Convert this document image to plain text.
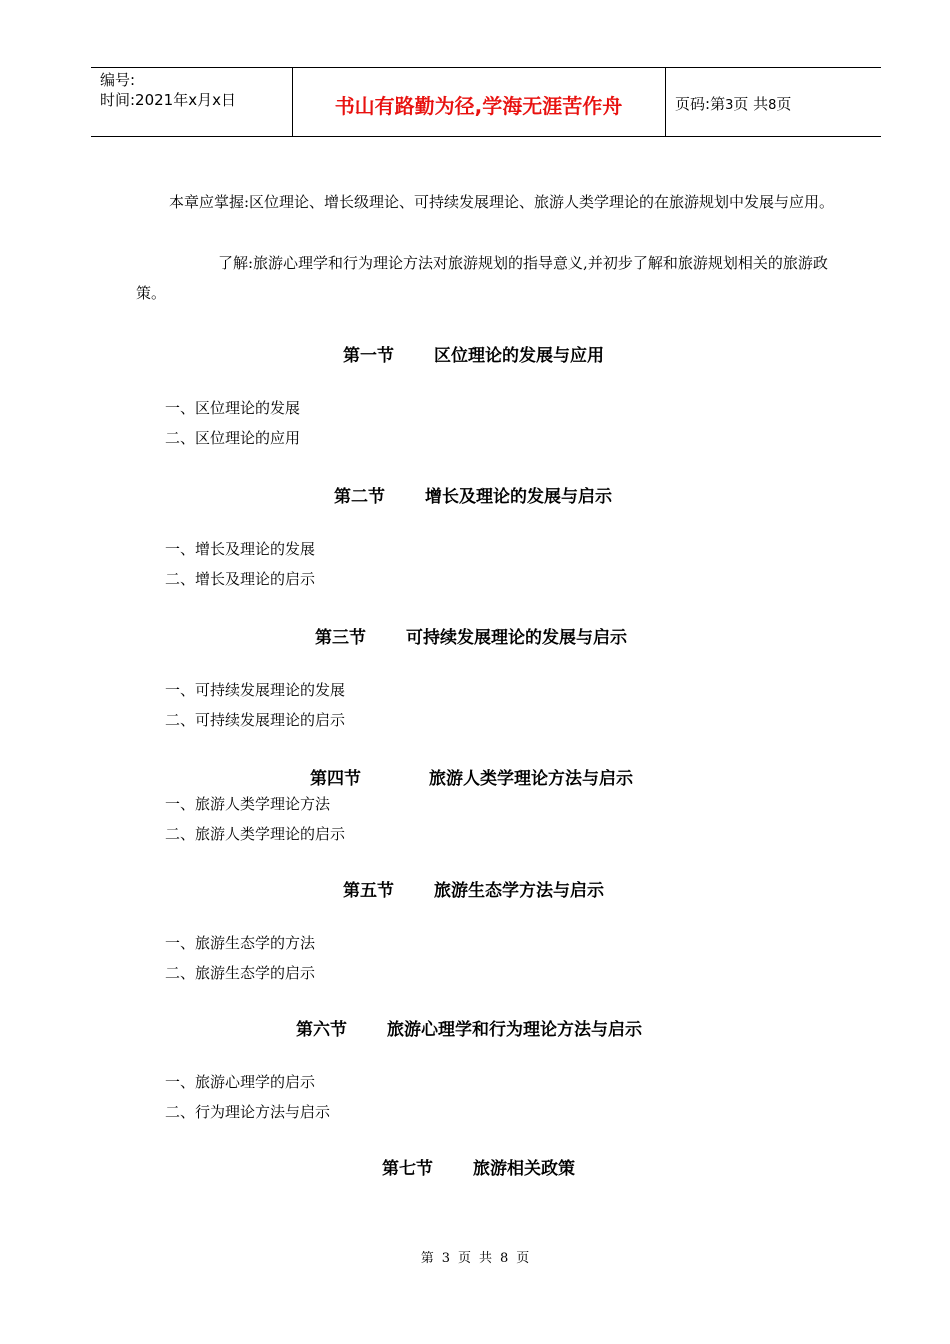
编号:
时间:2021年x月x日	书山有路勤为径,学海无涯苦作舟	页码:第3页 共8页

本章应掌握:区位理论、增长级理论、可持续发展理论、旅游人类学理论的在旅游规划中发展与应用。

了解:旅游心理学和行为理论方法对旅游规划的指导意义,并初步了解和旅游规划相关的旅游政策。

第一节 区位理论的发展与应用
一、区位理论的发展
二、区位理论的应用
第二节 增长及理论的发展与启示
一、增长及理论的发展
二、增长及理论的启示
第三节 可持续发展理论的发展与启示
一、可持续发展理论的发展
二、可持续发展理论的启示
第四节	旅游人类学理论方法与启示
一、旅游人类学理论方法
二、旅游人类学理论的启示
第五节 旅游生态学方法与启示
一、旅游生态学的方法
二、旅游生态学的启示
第六节 旅游心理学和行为理论方法与启示
一、旅游心理学的启示
二、行为理论方法与启示
第七节 旅游相关政策
第 3 页 共 8 页
